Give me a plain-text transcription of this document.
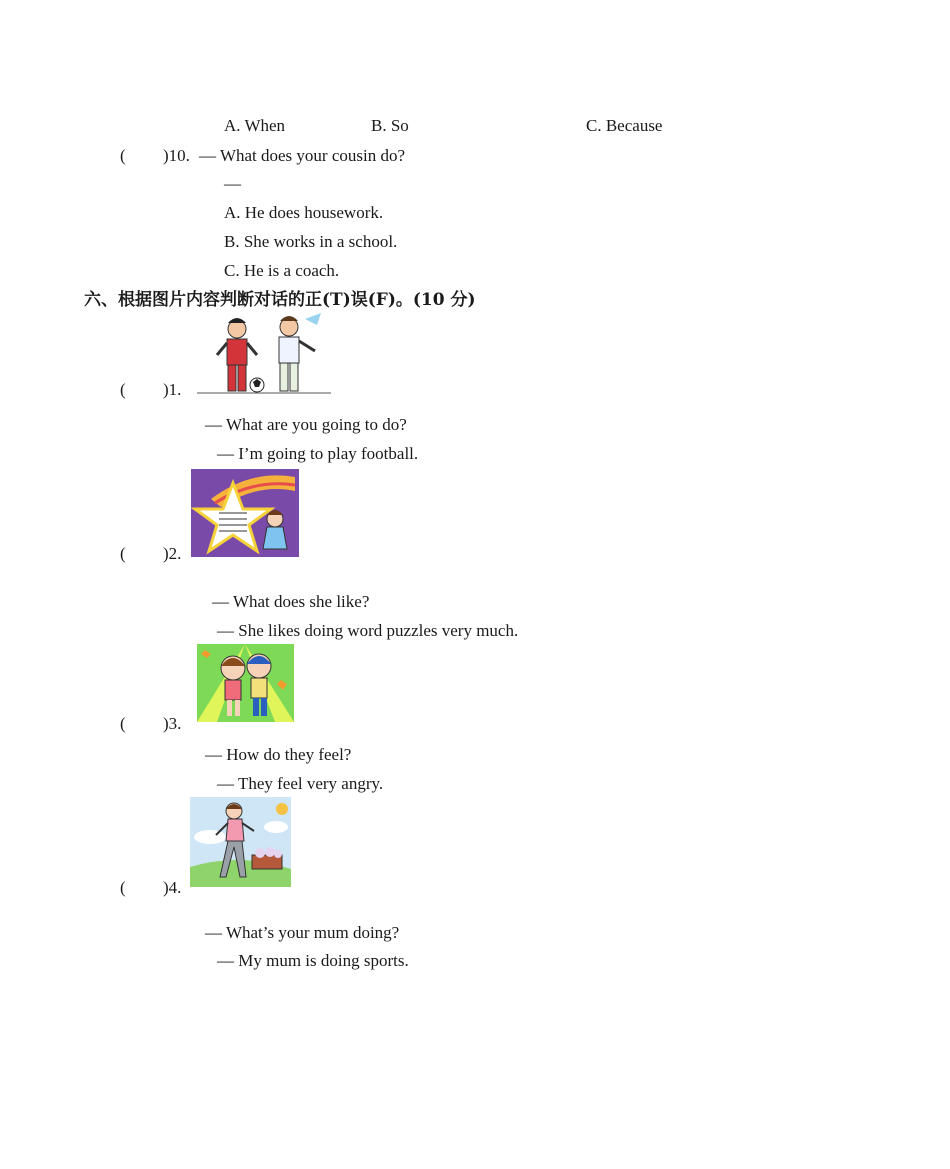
A. When	B. So	C. Because
( )10. — What does your cousin do?
—
A. He does housework.
B. She works in a school.
C. He is a coach.
六、根据图片内容判断对话的正(T)误(F)。(10 分)
( )1.
— What are you going to do?
— I’m going to play football.
( )2.
— What does she like?
— She likes doing word puzzles very much.
( )3.
— How do they feel?
— They feel very angry.
( )4.
— What’s your mum doing?
— My mum is doing sports.
